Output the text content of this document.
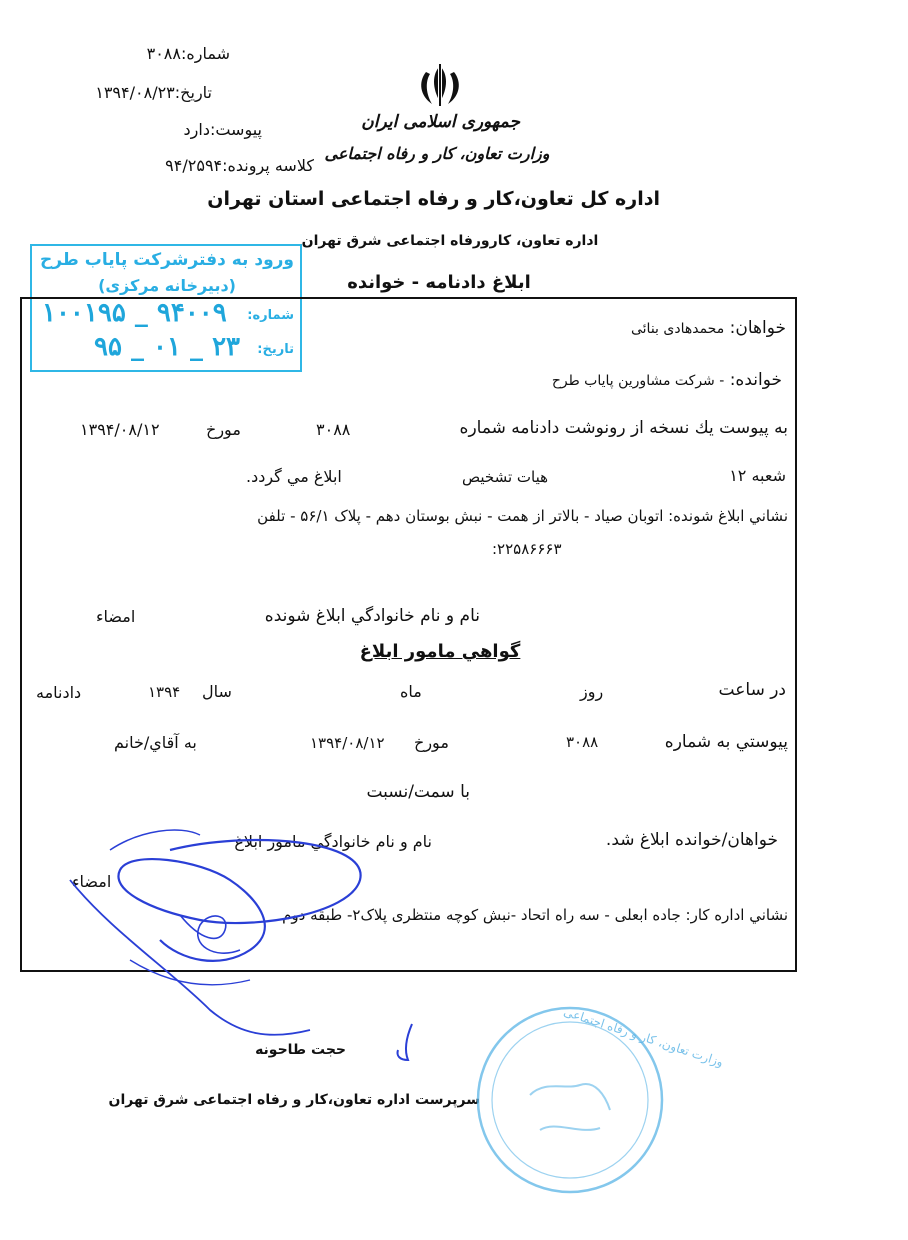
شماره:۳۰۸۸
تاریخ:۱۳۹۴/۰۸/۲۳
پیوست:دارد
کلاسه پرونده:۹۴/۲۵۹۴
جمهوری اسلامی ایران
وزارت تعاون، کار و رفاه اجتماعی
اداره کل تعاون،کار و رفاه اجتماعی استان تهران
اداره تعاون، کارورفاه اجتماعی شرق تهران
ابلاغ دادنامه - خوانده
ورود به دفترشرکت پایاب طرح
(دبیرخانه مرکزی)
شماره:
۱۰۰۱۹۵ _ ۹۴۰۰۹
تاریخ:
۹۵ _ ۰۱ _ ۲۳
خواهان: محمدهادی بنائی
خوانده: - شرکت مشاورین پایاب طرح
به پیوست یك نسخه از رونوشت دادنامه شماره
۳۰۸۸
مورخ
۱۳۹۴/۰۸/۱۲
شعبه ۱۲
هیات تشخیص
ابلاغ مي گردد.
نشاني ابلاغ شونده: اتوبان صیاد - بالاتر از همت - نبش بوستان دهم - پلاک ۵۶/۱ - تلفن
:۲۲۵۸۶۶۶۳
نام و نام خانوادگي ابلاغ شونده
امضاء
گواهي مامور ابلاغ
در ساعت
روز
ماه
سال
۱۳۹۴
دادنامه
پیوستي به شماره
۳۰۸۸
مورخ
۱۳۹۴/۰۸/۱۲
به آقاي/خانم
با سمت/نسبت
خواهان/خوانده ابلاغ شد.
نام و نام خانوادگي مامور ابلاغ
امضاء
نشاني اداره کار: جاده ابعلی - سه راه اتحاد -نبش کوچه منتظری پلاک۲- طبقه دوم
حجت طاحونه
سرپرست اداره تعاون،کار و رفاه اجتماعی شرق تهران
وزارت تعاون، کار و رفاه اجتماعی
